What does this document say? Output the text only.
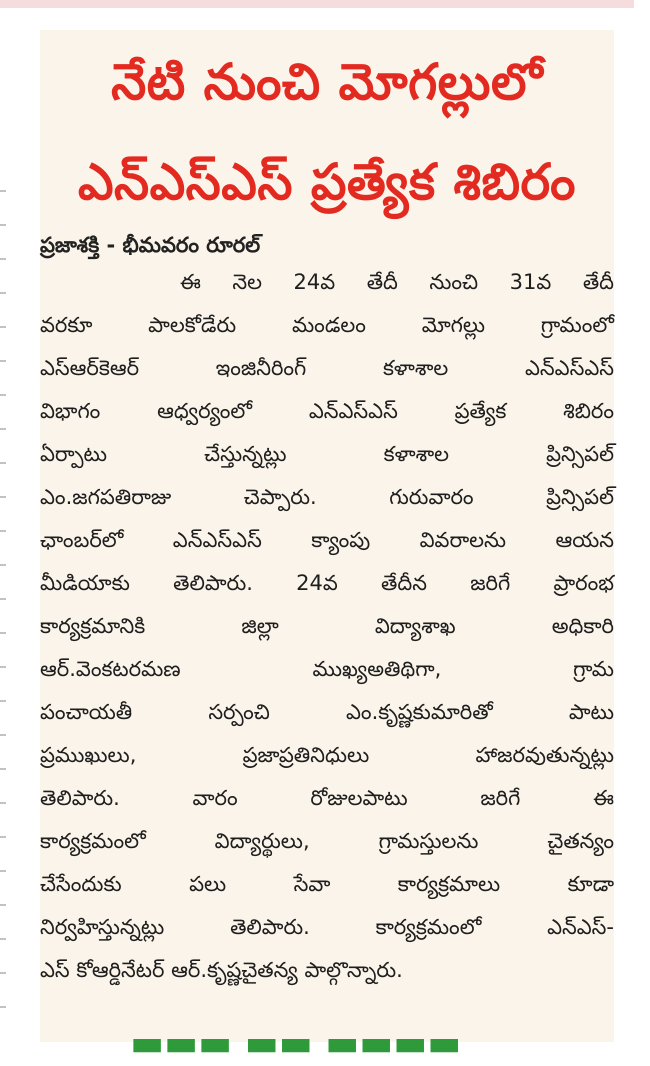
నేటి నుంచి మోగల్లులో
ఎన్‌ఎస్‌ఎస్‌ ప్రత్యేక శిబిరం
ప్రజాశక్తి - భీమవరం రూరల్‌
ఈ నెల 24వ తేదీ నుంచి 31వ తేదీ
వరకూ పాలకోడేరు మండలం మోగల్లు గ్రామంలో
ఎస్‌ఆర్‌కెఆర్‌ ఇంజినీరింగ్‌ కళాశాల ఎన్‌ఎస్‌ఎస్‌
విభాగం ఆధ్వర్యంలో ఎన్‌ఎస్‌ఎస్‌ ప్రత్యేక శిబిరం
ఏర్పాటు చేస్తున్నట్లు కళాశాల ప్రిన్సిపల్‌
ఎం.జగపతిరాజు చెప్పారు. గురువారం ప్రిన్సిపల్‌
ఛాంబర్‌లో ఎన్‌ఎస్‌ఎస్‌ క్యాంపు వివరాలను ఆయన
మీడియాకు తెలిపారు. 24వ తేదీన జరిగే ప్రారంభ
కార్యక్రమానికి జిల్లా విద్యాశాఖ అధికారి
ఆర్‌.వెంకటరమణ ముఖ్యఅతిథిగా, గ్రామ
పంచాయతీ సర్పంచి ఎం.కృష్ణకుమారితో పాటు
ప్రముఖులు, ప్రజాప్రతినిధులు హాజరవుతున్నట్లు
తెలిపారు. వారం రోజులపాటు జరిగే ఈ
కార్యక్రమంలో విద్యార్థులు, గ్రామస్తులను చైతన్యం
చేసేందుకు పలు సేవా కార్యక్రమాలు కూడా
నిర్వహిస్తున్నట్లు తెలిపారు. కార్యక్రమంలో ఎన్‌ఎస్‌-
ఎస్‌ కోఆర్డినేటర్‌ ఆర్‌.కృష్ణచైతన్య పాల్గొన్నారు.
▬▬▬ ▬▬ ▬▬▬▬
